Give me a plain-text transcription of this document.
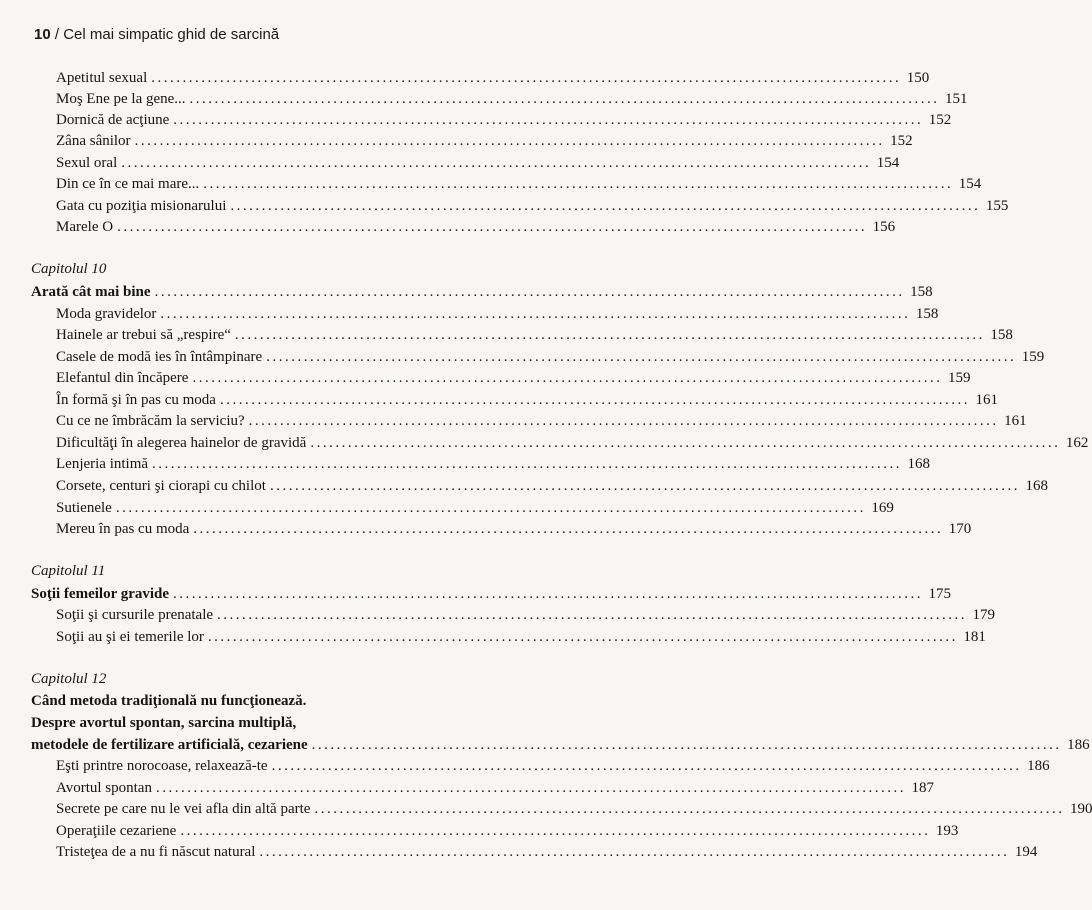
10 / Cel mai simpatic ghid de sarcină
Apetitul sexual ........................................................................................................................ 150
Moş Ene pe la gene... ........................................................................................................................ 151
Dornică de acţiune ........................................................................................................................ 152
Zâna sânilor ........................................................................................................................ 152
Sexul oral ........................................................................................................................ 154
Din ce în ce mai mare... ........................................................................................................................ 154
Gata cu poziţia misionarului ........................................................................................................................ 155
Marele O ........................................................................................................................ 156
Capitolul 10
Arată cât mai bine ........................................................................................................................ 158
Moda gravidelor ........................................................................................................................ 158
Hainele ar trebui să „respire“ ........................................................................................................................ 158
Casele de modă ies în întâmpinare ........................................................................................................................ 159
Elefantul din încăpere ........................................................................................................................ 159
În formă şi în pas cu moda ........................................................................................................................ 161
Cu ce ne îmbrăcăm la serviciu? ........................................................................................................................ 161
Dificultăţi în alegerea hainelor de gravidă ........................................................................................................................ 162
Lenjeria intimă ........................................................................................................................ 168
Corsete, centuri şi ciorapi cu chilot ........................................................................................................................ 168
Sutienele ........................................................................................................................ 169
Mereu în pas cu moda ........................................................................................................................ 170
Capitolul 11
Soţii femeilor gravide ........................................................................................................................ 175
Soţii şi cursurile prenatale ........................................................................................................................ 179
Soţii au şi ei temerile lor ........................................................................................................................ 181
Capitolul 12
Când metoda tradiţională nu funcţionează.
Despre avortul spontan, sarcina multiplă,
metodele de fertilizare artificială, cezariene ........................................................................................................................ 186
Eşti printre norocoase, relaxează-te ........................................................................................................................ 186
Avortul spontan ........................................................................................................................ 187
Secrete pe care nu le vei afla din altă parte ........................................................................................................................ 190
Operaţiile cezariene ........................................................................................................................ 193
Tristeţea de a nu fi născut natural ........................................................................................................................ 194
